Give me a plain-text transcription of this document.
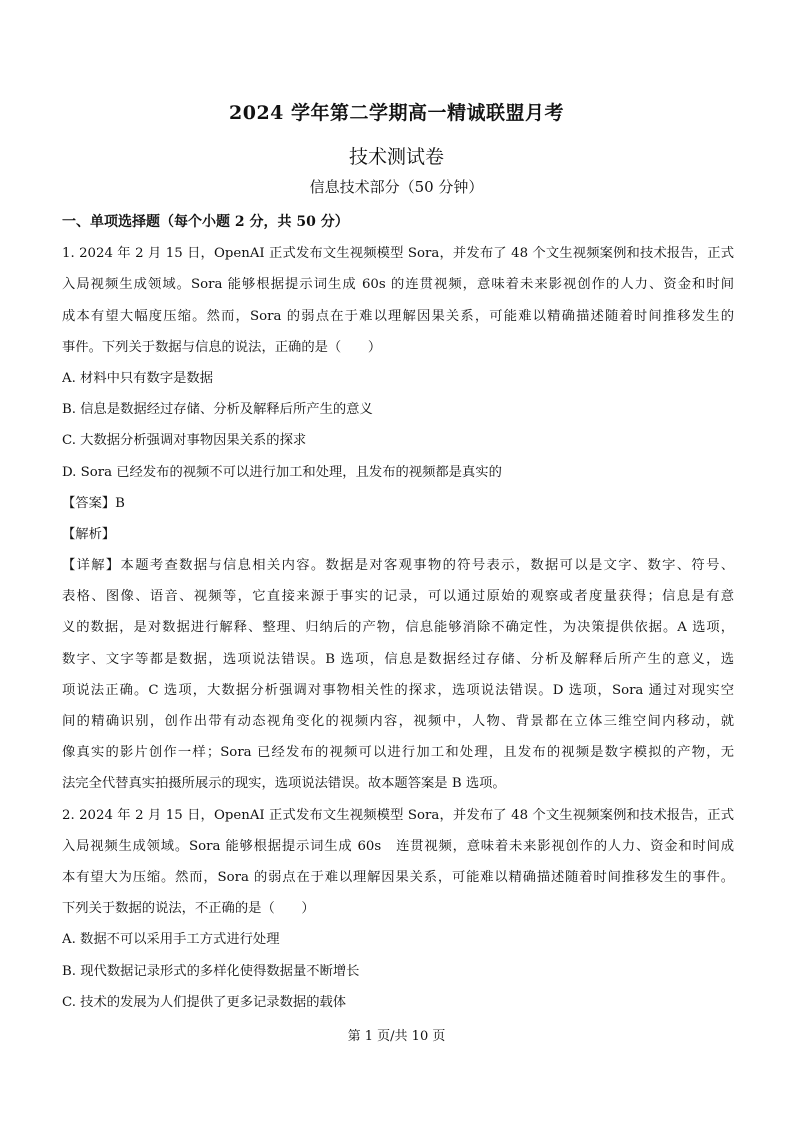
2024 学年第二学期高一精诚联盟月考
技术测试卷
信息技术部分（50 分钟）
一、单项选择题（每个小题 2 分，共 50 分）
1. 2024 年 2 月 15 日，OpenAI 正式发布文生视频模型 Sora，并发布了 48 个文生视频案例和技术报告，正式
入局视频生成领域。Sora 能够根据提示词生成 60s 的连贯视频，意味着未来影视创作的人力、资金和时间
成本有望大幅度压缩。然而，Sora 的弱点在于难以理解因果关系，可能难以精确描述随着时间推移发生的
事件。下列关于数据与信息的说法，正确的是（　　）
A. 材料中只有数字是数据
B. 信息是数据经过存储、分析及解释后所产生的意义
C. 大数据分析强调对事物因果关系的探求
D. Sora 已经发布的视频不可以进行加工和处理，且发布的视频都是真实的
【答案】B
【解析】
【详解】本题考查数据与信息相关内容。数据是对客观事物的符号表示，数据可以是文字、数字、符号、
表格、图像、语音、视频等，它直接来源于事实的记录，可以通过原始的观察或者度量获得；信息是有意
义的数据，是对数据进行解释、整理、归纳后的产物，信息能够消除不确定性，为决策提供依据。A 选项，
数字、文字等都是数据，选项说法错误。B 选项，信息是数据经过存储、分析及解释后所产生的意义，选
项说法正确。C 选项，大数据分析强调对事物相关性的探求，选项说法错误。D 选项，Sora 通过对现实空
间的精确识别，创作出带有动态视角变化的视频内容，视频中，人物、背景都在立体三维空间内移动，就
像真实的影片创作一样；Sora 已经发布的视频可以进行加工和处理，且发布的视频是数字模拟的产物，无
法完全代替真实拍摄所展示的现实，选项说法错误。故本题答案是 B 选项。
2. 2024 年 2 月 15 日，OpenAI 正式发布文生视频模型 Sora，并发布了 48 个文生视频案例和技术报告，正式
入局视频生成领域。Sora 能够根据提示词生成 60s　连贯视频，意味着未来影视创作的人力、资金和时间成
本有望大为压缩。然而，Sora 的弱点在于难以理解因果关系，可能难以精确描述随着时间推移发生的事件。
下列关于数据的说法，不正确的是（　　）
A. 数据不可以采用手工方式进行处理
B. 现代数据记录形式的多样化使得数据量不断增长
C. 技术的发展为人们提供了更多记录数据的载体
第 1 页/共 10 页
